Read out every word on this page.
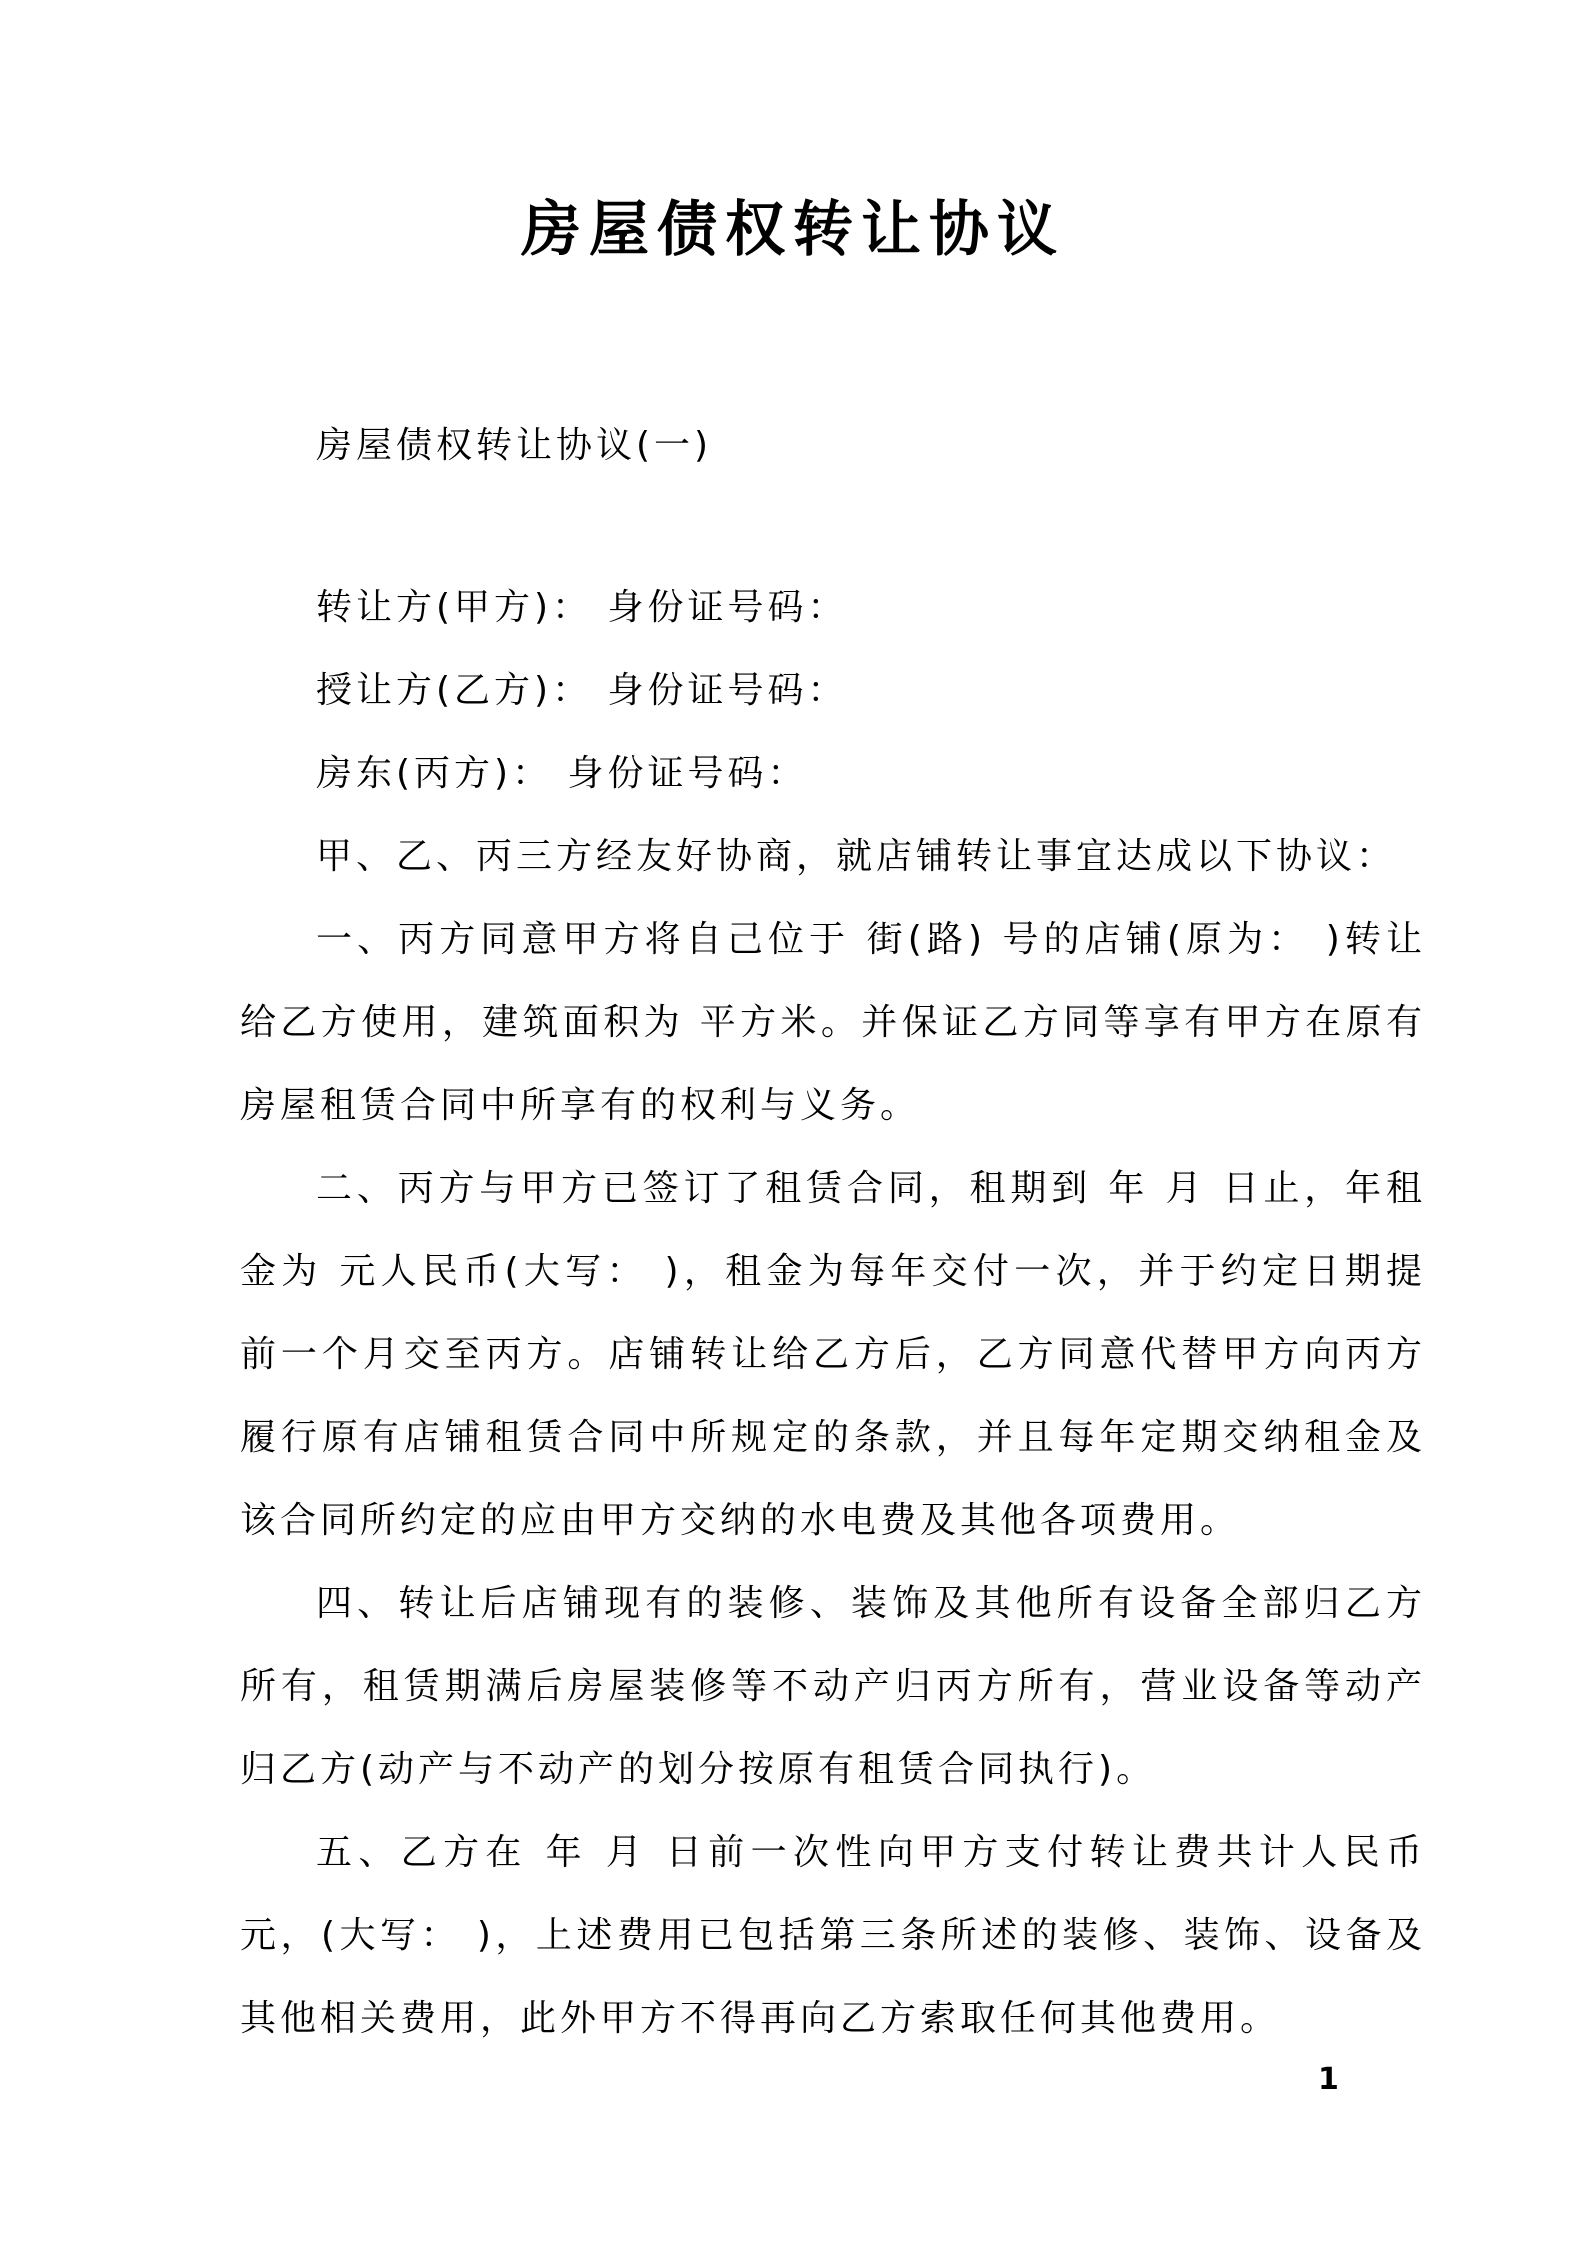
房屋债权转让协议

房屋债权转让协议(一)

转让方(甲方)： 身份证号码：

授让方(乙方)： 身份证号码：

房东(丙方)： 身份证号码：

甲、乙、丙三方经友好协商，就店铺转让事宜达成以下协议：

一、丙方同意甲方将自己位于 街(路) 号的店铺(原为： )转让给乙方使用，建筑面积为 平方米。并保证乙方同等享有甲方在原有房屋租赁合同中所享有的权利与义务。

二、丙方与甲方已签订了租赁合同，租期到 年 月 日止，年租金为 元人民币(大写： )，租金为每年交付一次，并于约定日期提前一个月交至丙方。店铺转让给乙方后，乙方同意代替甲方向丙方履行原有店铺租赁合同中所规定的条款，并且每年定期交纳租金及该合同所约定的应由甲方交纳的水电费及其他各项费用。

四、转让后店铺现有的装修、装饰及其他所有设备全部归乙方所有，租赁期满后房屋装修等不动产归丙方所有，营业设备等动产归乙方(动产与不动产的划分按原有租赁合同执行)。

五、乙方在 年 月 日前一次性向甲方支付转让费共计人民币 元，(大写： )，上述费用已包括第三条所述的装修、装饰、设备及其他相关费用，此外甲方不得再向乙方索取任何其他费用。

1
